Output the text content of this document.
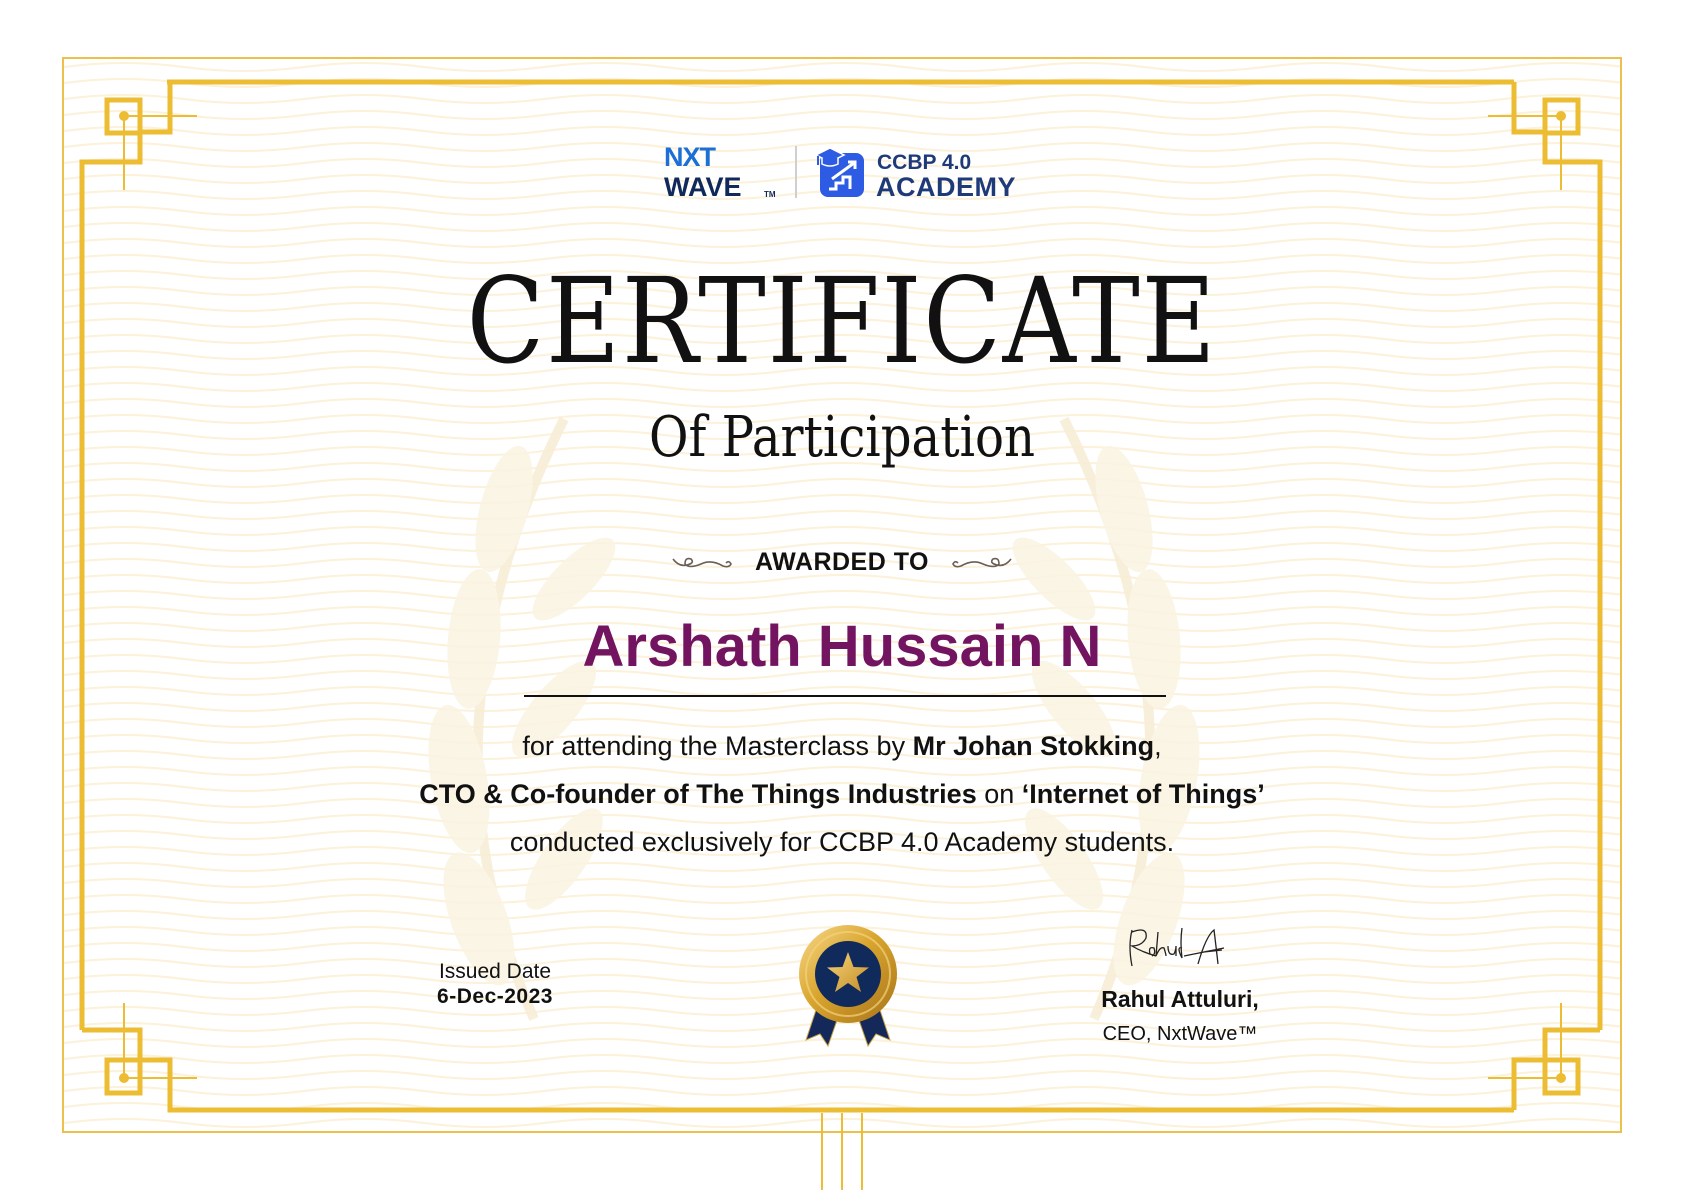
NXT
WAVE	TM
CCBP 4.0
ACADEMY
CERTIFICATE
Of Participation
AWARDED TO
Arshath Hussain N
for attending the Masterclass by Mr Johan Stokking,
CTO & Co-founder of The Things Industries on ‘Internet of Things’
conducted exclusively for CCBP 4.0 Academy students.
Issued Date
6-Dec-2023	Rahul Attuluri,
CEO, NxtWave™
